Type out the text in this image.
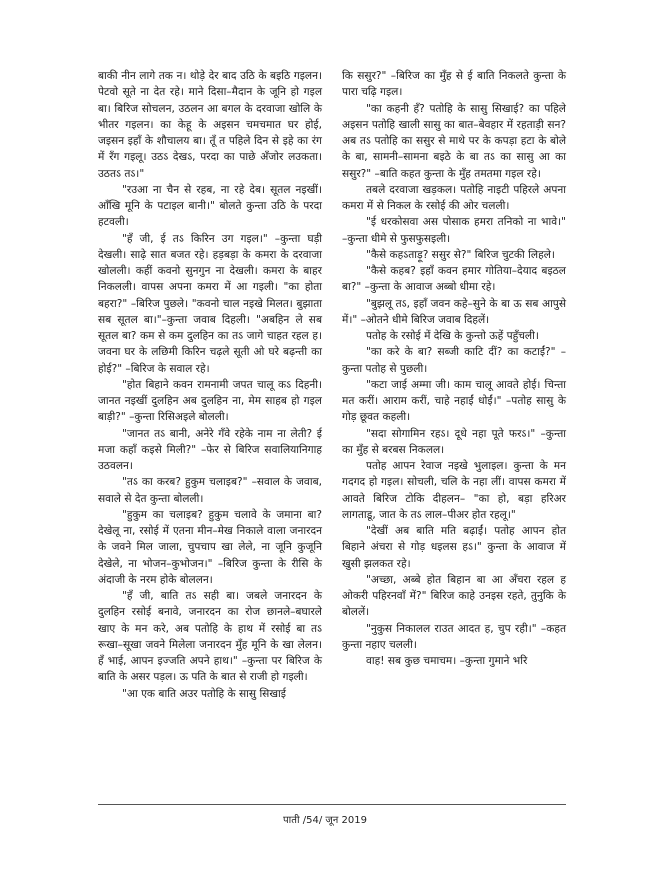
बाकी नीन लागे तक न। थोड़े देर बाद उठि के बइठि गइलन। पेटवो सूते ना देत रहे। माने दिसा–मैदान के जूनि हो गइल बा। बिरिज सोचलन, उठलन आ बगल के दरवाजा खोलि के भीतर गइलन। का केहू के अइसन चमचमात घर होई, जइसन इहाँ के शौचालय बा। तूँ त पहिले दिन से इहे का रंग में रँग गइलू। उठऽ देखऽ, परदा का पाछे अँजोर लउकता। उठतऽ तऽ।"

"रउआ ना चैन से रहब, ना रहे देब। सूतल नइखीं। आँखि मूनि के पटाइल बानी।" बोलते कुन्ता उठि के परदा हटवली।

"हँ जी, ई तऽ किरिन उग गइल।" –कुन्ता घड़ी देखली। साढ़े सात बजत रहे। हड़बड़ा के कमरा के दरवाजा खोलली। कहीं कवनो सुनगुन ना देखली। कमरा के बाहर निकलली। वापस अपना कमरा में आ गइली। "का होता बहरा?" –बिरिज पुछले। "कवनो चाल नइखे मिलत। बुझाता सब सूतल बा।"–कुन्ता जवाब दिहली। "अबहिन ले सब सूतल बा? कम से कम दुलहिन का तऽ जागे चाहत रहल ह। जवना घर के लछिमी किरिन चढ़ले सूती ओ घरे बढ़न्ती का होई?" –बिरिज के सवाल रहे।

"होत बिहाने कवन रामनामी जपत चालू कऽ दिहनी। जानत नइखीं दुलहिन अब दुलहिन ना, मेम साहब हो गइल बाड़ी?" –कुन्ता रिसिअइले बोलली।

"जानत तऽ बानी, अनेरे गँवे रहेके नाम ना लेती? ई मजा कहाँ कइसे मिली?" –फेर से बिरिज सवालियानिगाह उठवलन।

"तऽ का करब? हुकुम चलाइब?" –सवाल के जवाब, सवाले से देत कुन्ता बोलली।

"हुकुम का चलाइब? हुकुम चलावे के जमाना बा? देखेलू ना, रसोई में एतना मीन–मेख निकाले वाला जनारदन के जवने मिल जाला, चुपचाप खा लेले, ना जूनि कुजूनि देखेले, ना भोजन–कुभोजन।" –बिरिज कुन्ता के रीसि के अंदाजी के नरम होके बोललन।

"हँ जी, बाति तऽ सही बा। जबले जनारदन के दुलहिन रसोई बनावे, जनारदन का रोज छानले–बघारले खाए के मन करे, अब पतोहि के हाथ में रसोई बा तऽ रूखा–सूखा जवने मिलेला जनारदन मुँह मूनि के खा लेलन। हँ भाई, आपन इज्जति अपने हाथ।" –कुन्ता पर बिरिज के बाति के असर पड़ल। ऊ पति के बात से राजी हो गइली।

"आ एक बाति अउर पतोहि के सासु सिखाई

कि ससुर?" –बिरिज का मुँह से ई बाति निकलते कुन्ता के पारा चढ़ि गइल।

"का कहनी हँ? पतोहि के सासु सिखाई? का पहिले अइसन पतोहि खाली सासु का बात–बेवहार में रहताड़ी सन? अब तऽ पतोहि का ससुर से माथे पर के कपड़ा हटा के बोले के बा, सामनी–सामना बइठे के बा तऽ का सासु आ का ससुर?" –बाति कहत कुन्ता के मुँह तमतमा गइल रहे।

तबले दरवाजा खड़कल। पतोहि नाइटी पहिरले अपना कमरा में से निकल के रसोई की ओर चलली।

"ई धरकोसवा अस पोसाक हमरा तनिको ना भावे।" –कुन्ता धीमे से फुसफुसइली।

"कैसे कहऽताड़ू? ससुर से?" बिरिज चुटकी लिहले।

"कैसे कहब? इहाँ कवन हमार गोतिया–देयाद बइठल बा?" –कुन्ता के आवाज अब्बो धीमा रहे।

"बुझलू तऽ, इहाँ जवन कहे–सुने के बा ऊ सब आपुसे में।" –ओतने धीमे बिरिज जवाब दिहलें।

पतोह के रसोई में देखि के कुन्तो ऊहें पहुँचली।

"का करे के बा? सब्जी काटि दीं? का कटाईं?" –कुन्ता पतोह से पुछली।

"कटा जाई अम्मा जी। काम चालू आवते होई। चिन्ता मत करीं। आराम करीं, चाहे नहाईं धोईं।" –पतोह सासु के गोड़ छूवत कहली।

"सदा सोगामिन रहऽ। दूधे नहा पूते फरऽ।" –कुन्ता का मुँह से बरबस निकलल।

पतोह आपन रेवाज नइखे भुलाइल। कुन्ता के मन गदगद हो गइल। सोचली, चलि के नहा लीं। वापस कमरा में आवते बिरिज टोकि दीहलन– "का हो, बड़ा हरिअर लागताडू, जात के तऽ लाल–पीअर होत रहलू।"

"देखीं अब बाति मति बढ़ाईं। पतोह आपन होत बिहाने अंचरा से गोड़ धइलस हऽ।" कुन्ता के आवाज में खुसी झलकत रहे।

"अच्छा, अब्बे होत बिहान बा आ अँचरा रहल ह ओकरी पहिरनवाँ में?" बिरिज काहे उनइस रहते, तुनुकि के बोललें।

"नुकुस निकालल राउत आदत ह, चुप रही।" –कहत कुन्ता नहाए चलली।

वाह! सब कुछ चमाचम। –कुन्ता गुमाने भरि

पाती /54/ जून 2019
